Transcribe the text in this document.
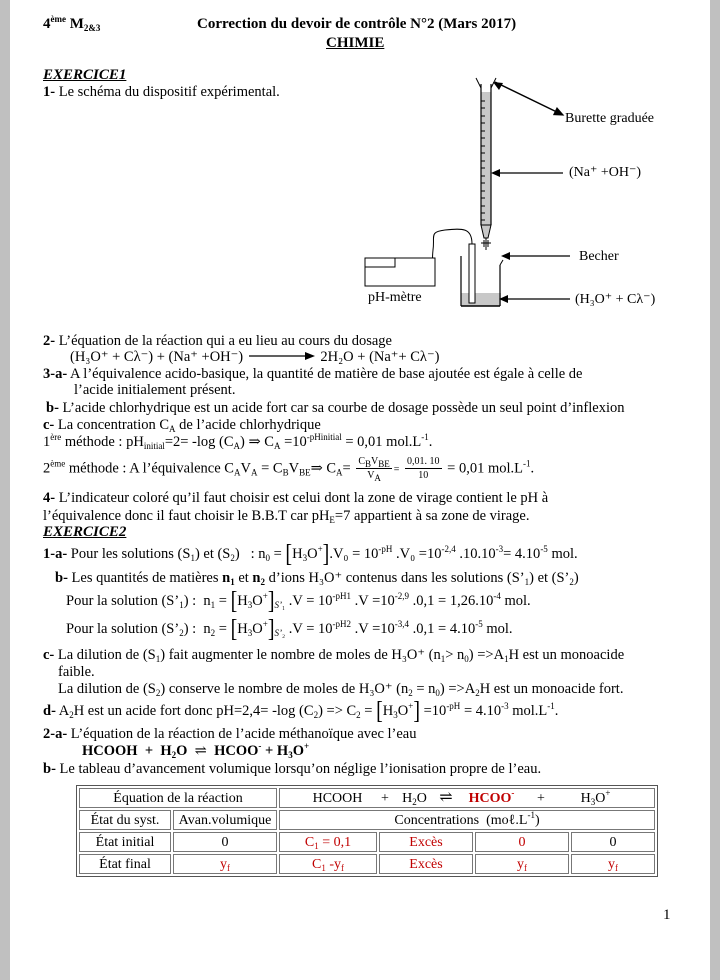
4ème $M_{2\&3}$	Correction du devoir de contrôle N°2 (Mars 2017)
CHIMIE
EXERCICE1
1- Le schéma du dispositif expérimental.
Burette graduée
(Na⁺ +OH⁻)
Becher
pH-mètre	(H₃O⁺ + Cλ⁻)
2- L’équation de la réaction qui a eu lieu au cours du dosage
(H₃O⁺ + Cλ⁻) + (Na⁺ +OH⁻)	2H₂O + (Na⁺+ Cλ⁻)
3-a- A l’équivalence acido-basique, la quantité de matière de base ajoutée est égale à celle de
l’acide initialement présent.
b- L’acide chlorhydrique est un acide fort car sa courbe de dosage possède un seul point d’inflexion
c- La concentration $C_A$ de l’acide chlorhydrique
1ère méthode : $pH_{initial}=2= -\log$ $(C_A)$ ⇒ $C_A =10^{-pHinitial} = 0,01$ $mol.L^{-1}$.
2ème méthode : A l’équivalence $C_AV_A$ = $C_BV_{BE}\Rightarrow$ $C_A= \frac{C_BV_{BE}}{V_A} = \frac{0,01. 10}{10} = 0,01$ $mol.L^{-1}$.
4- L’indicateur coloré qu’il faut choisir est celui dont la zone de virage contient le pH à
l’équivalence donc il faut choisir le B.B.T car $pH_E=7$ appartient à sa zone de virage.
EXERCICE2
1-a- Pour les solutions $(S_1)$ et $(S_2)$   : $n_0 = [H_3O^+].V_0 = 10^{-pH}$ $.V_0 =10^{-2,4}$ $.10.10^{-3}= 4.10^{-5}$ mol.
b- Les quantités de matières $n_1$ et $n_2$ d’ions H₃O⁺ contenus dans les solutions $(S’_1)$ et $(S’_2)$
Pour la solution $(S’_1)$ :  $n_1 = [H_3O^+]_{S’_1}$ $.V = 10^{-pH1}$ $.V =10^{-2,9}$ $.0,1 = 1,26.10^{-4}$ mol.
Pour la solution $(S’_2)$ :  $n_2 = [H_3O^+]_{S’_2}$ $.V = 10^{-pH2}$ $.V =10^{-3,4}$ $.0,1 = 4.10^{-5}$ mol.
c- La dilution de $(S_1)$ fait augmenter le nombre de moles de H₃O⁺ $(n_1> n_0) =>A_1H$ est un monoacide
faible.
La dilution de $(S_2)$ conserve le nombre de moles de H₃O⁺ $(n_2 = n_0) =>A_2H$ est un monoacide fort.
d- $A_2H$ est un acide fort donc pH=2,4= -log $(C_2) => C_2 = [H_3O^+] =10^{-pH} = 4.10^{-3}$ $mol.L^{-1}$.
2-a- L’équation de la réaction de l’acide méthanoïque avec l’eau
HCOOH  +  $H_2O$  ⇌  HCOO- + $H_3O^+$
b- Le tableau d’avancement volumique lorsqu’on néglige l’ionisation propre de l’eau.
Équation de la réaction		HCOOH + $H_2O$ ⇌ HCOO- + $H_3O^+$
État du syst.	Avan.volumique	Concentrations  $(mo\ell.L^{-1})$			
État initial	0	$C_1 = 0,1$	Excès	0	0
État final	$y_f$	$C_1$ $-y_f$	Excès	$y_f$	$y_f$
1
